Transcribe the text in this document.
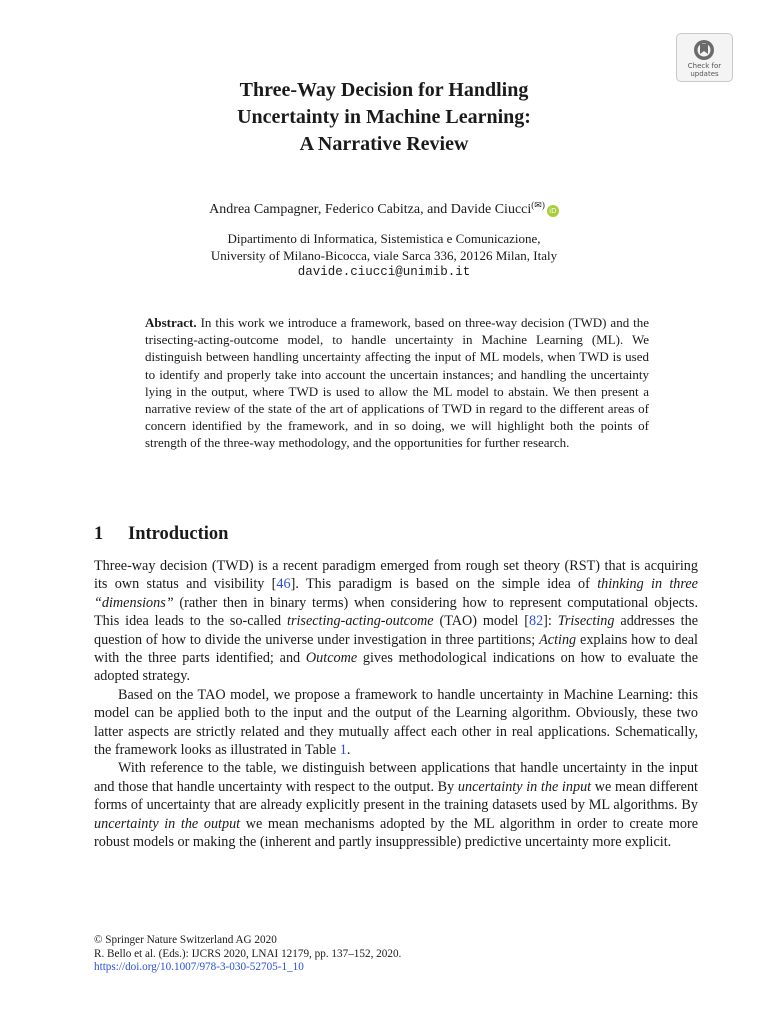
Check for
updates
Three-Way Decision for Handling
Uncertainty in Machine Learning:
A Narrative Review
Andrea Campagner, Federico Cabitza, and Davide Ciucci(✉)iD
Dipartimento di Informatica, Sistemistica e Comunicazione,
University of Milano-Bicocca, viale Sarca 336, 20126 Milan, Italy
davide.ciucci@unimib.it
Abstract. In this work we introduce a framework, based on three-way decision (TWD) and the trisecting-acting-outcome model, to handle uncertainty in Machine Learning (ML). We distinguish between handling uncertainty affecting the input of ML models, when TWD is used to identify and properly take into account the uncertain instances; and handling the uncertainty lying in the output, where TWD is used to allow the ML model to abstain. We then present a narrative review of the state of the art of applications of TWD in regard to the different areas of concern identified by the framework, and in so doing, we will highlight both the points of strength of the three-way methodology, and the opportunities for further research.
1 Introduction

Three-way decision (TWD) is a recent paradigm emerged from rough set theory (RST) that is acquiring its own status and visibility [46]. This paradigm is based on the simple idea of thinking in three “dimensions” (rather then in binary terms) when considering how to represent computational objects. This idea leads to the so-called trisecting-acting-outcome (TAO) model [82]: Trisecting addresses the question of how to divide the universe under investigation in three partitions; Acting explains how to deal with the three parts identified; and Outcome gives methodological indications on how to evaluate the adopted strategy.

Based on the TAO model, we propose a framework to handle uncertainty in Machine Learning: this model can be applied both to the input and the output of the Learning algorithm. Obviously, these two latter aspects are strictly related and they mutually affect each other in real applications. Schematically, the framework looks as illustrated in Table 1.

With reference to the table, we distinguish between applications that handle uncertainty in the input and those that handle uncertainty with respect to the output. By uncertainty in the input we mean different forms of uncertainty that are already explicitly present in the training datasets used by ML algorithms. By uncertainty in the output we mean mechanisms adopted by the ML algorithm in order to create more robust models or making the (inherent and partly insuppressible) predictive uncertainty more explicit.

© Springer Nature Switzerland AG 2020
R. Bello et al. (Eds.): IJCRS 2020, LNAI 12179, pp. 137–152, 2020.
https://doi.org/10.1007/978-3-030-52705-1_10
